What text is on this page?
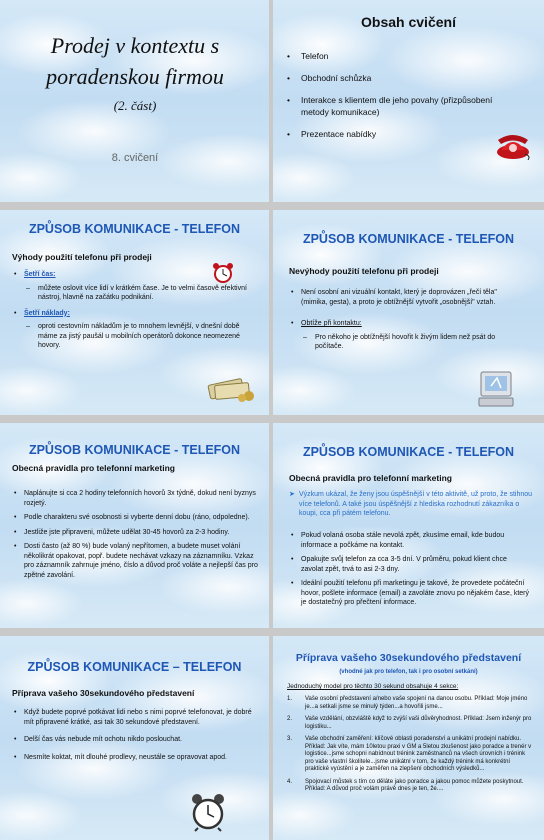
Prodej v kontextu s
poradenskou firmou
(2. část)
8. cvičení
Obsah cvičení
• Telefon
• Obchodní schůzka
• Interakce s klientem dle jeho povahy (přizpůsobení metody komunikace)
• Prezentace nabídky
ZPŮSOB KOMUNIKACE - TELEFON
Výhody použití telefonu při prodeji
• Šetří čas:
– můžete oslovit více lidí v krátkém čase. Je to velmi časově efektivní nástroj, hlavně na začátku podnikání.
• Šetří náklady:
– oproti cestovním nákladům je to mnohem levnější, v dnešní době máme za jistý paušál u mobilních operátorů dokonce neomezené hovory.
ZPŮSOB KOMUNIKACE - TELEFON
Nevýhody použití telefonu při prodeji
• Není osobní ani vizuální kontakt, který je doprovázen „řečí těla" (mimika, gesta), a proto je obtížnější vytvořit „osobnější" vztah.
• Obtíže při kontaktu:
– Pro někoho je obtížnější hovořit k živým lidem než psát do počítače.
ZPŮSOB KOMUNIKACE - TELEFON
Obecná pravidla pro telefonní marketing
• Naplánujte si cca 2 hodiny telefonních hovorů 3x týdně, dokud není byznys rozjetý.
• Podle charakteru své osobnosti si vyberte denní dobu (ráno, odpoledne).
• Jestliže jste připraveni, můžete udělat 30-45 hovorů za 2-3 hodiny.
• Dosti často (až 80 %) bude volaný nepřítomen, a budete muset volání několikrát opakovat, popř. budete nechávat vzkazy na záznamníku. Vzkaz pro záznamník zahrnuje jméno, číslo a důvod proč voláte a nejlepší čas pro zpětné zavolání.
ZPŮSOB KOMUNIKACE - TELEFON
Obecná pravidla pro telefonní marketing
➤ Výzkum ukázal, že ženy jsou úspěšnější v této aktivitě, už proto, že stihnou více telefonů. A také jsou úspěšnější z hlediska rozhodnutí zákazníka o koupi, cca při pátém telefonu.
• Pokud volaná osoba stále nevolá zpět, zkusíme email, kde budou informace a počkáme na kontakt.
• Opakujte svůj telefon za cca 3-5 dní. V průměru, pokud klient chce zavolat zpět, trvá to asi 2-3 dny.
• Ideální použití telefonu při marketingu je takové, že provedete počáteční hovor, pošlete informace (email) a zavoláte znovu po nějakém čase, který je dostatečný pro přečtení informace.
ZPŮSOB KOMUNIKACE – TELEFON
Příprava vašeho 30sekundového představení
• Když budete poprvé potkávat lidi nebo s nimi poprvé telefonovat, je dobré mít připravené krátké, asi tak 30 sekundové představení.
• Delší čas vás nebude mít ochotu nikdo poslouchat.
• Nesmíte koktat, mít dlouhé prodlevy, neustále se opravovat apod.
Příprava vašeho 30sekundového představení
(vhodné jak pro telefon, tak i pro osobní setkání)
Jednoduchý model pro těchto 30 sekund obsahuje 4 sekce:
1. Vaše osobní představení a/nebo vaše spojení na danou osobu. Příklad: Moje jméno je...a setkali jsme se minulý týden...a hovořili jsme...
2. Vaše vzdělání, obzvláště když to zvýší vaši důvěryhodnost. Příklad: Jsem inženýr pro logistiku...
3. Vaše obchodní zaměření: klíčové oblasti poradenství a unikátní prodejní nabídku. Příklad: Jak víte, mám 10letou praxi v GM a 5letou zkušenost jako poradce a trenér v logistice...jsme schopni nabídnout trénink zaměstnanců na všech úrovních i trénink pro vaše vlastní školitele...jsme unikátní v tom, že každý trénink má konkrétní praktické vyústění a je zaměřen na zlepšení obchodních výsledků...
4. Spojovací můstek s tím co děláte jako poradce a jakou pomoc můžete poskytnout. Příklad: A důvod proč volám právě dnes je ten, že....
